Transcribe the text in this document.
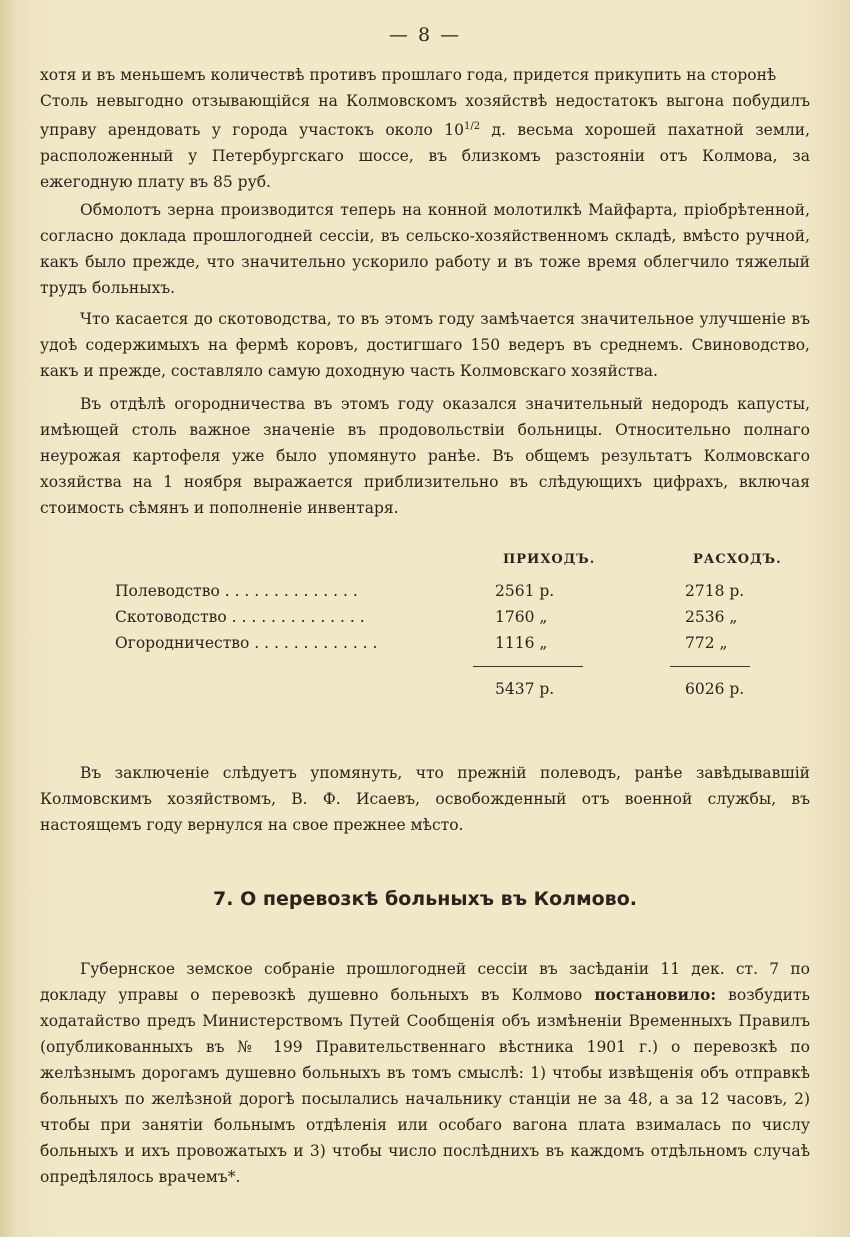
— 8 —

хотя и въ меньшемъ количествѣ противъ прошлаго года, придется прикупить на сторонѣ
Столь невыгодно отзывающійся на Колмовскомъ хозяйствѣ недостатокъ выгона побудилъ управу арендовать у города участокъ около $10^{1/2}$ д. весьма хорошей пахатной земли, расположенный у Петербургскаго шоссе, въ близкомъ разстояніи отъ Колмова, за ежегодную плату въ 85 руб.

Обмолотъ зерна производится теперь на конной молотилкѣ Майфарта, пріобрѣтенной, согласно доклада прошлогодней сессіи, въ сельско-хозяйственномъ складѣ, вмѣсто ручной, какъ было прежде, что значительно ускорило работу и въ тоже время облегчило тяжелый трудъ больныхъ.

Что касается до скотоводства, то въ этомъ году замѣчается значительное улучшеніе въ удоѣ содержимыхъ на фермѣ коровъ, достигшаго 150 ведеръ въ среднемъ. Свиноводство, какъ и прежде, составляло самую доходную часть Колмовскаго хозяйства.

Въ отдѣлѣ огородничества въ этомъ году оказался значительный недородъ капусты, имѣющей столь важное значеніе въ продовольствіи больницы. Относительно полнаго неурожая картофеля уже было упомянуто ранѣе. Въ общемъ результатъ Колмовскаго хозяйства на 1 ноября выражается приблизительно въ слѣдующихъ цифрахъ, включая стоимость сѣмянъ и пополненіе инвентаря.

ПРИХОДЪ.	РАСХОДЪ.
Полеводство . . . . . . . . . . . . . .	2561 р.	2718 р.
Скотоводство . . . . . . . . . . . . . .	1760 „	2536 „
Огородничество . . . . . . . . . . . . .	1116 „	772 „
5437 р.	6026 р.

Въ заключеніе слѣдуетъ упомянуть, что прежній полеводъ, ранѣе завѣдывавшій Колмовскимъ хозяйствомъ, В. Ф. Исаевъ, освобожденный отъ военной службы, въ настоящемъ году вернулся на свое прежнее мѣсто.

7. О перевозкѣ больныхъ въ Колмово.

Губернское земское собраніе прошлогодней сессіи въ засѣданіи 11 дек. ст. 7 по докладу управы о перевозкѣ душевно больныхъ въ Колмово постановило: возбудить ходатайство предъ Министерствомъ Путей Сообщенія объ измѣненіи Временныхъ Правилъ (опубликованныхъ въ № 199 Правительственнаго вѣстника 1901 г.) о перевозкѣ по желѣзнымъ дорогамъ душевно больныхъ въ томъ смыслѣ: 1) чтобы извѣщенія объ отправкѣ больныхъ по желѣзной дорогѣ посылались начальнику станціи не за 48, а за 12 часовъ, 2) чтобы при занятіи больнымъ отдѣленія или особаго вагона плата взималась по числу больныхъ и ихъ провожатыхъ и 3) чтобы число послѣднихъ въ каждомъ отдѣльномъ случаѣ опредѣлялось врачемъ*.
